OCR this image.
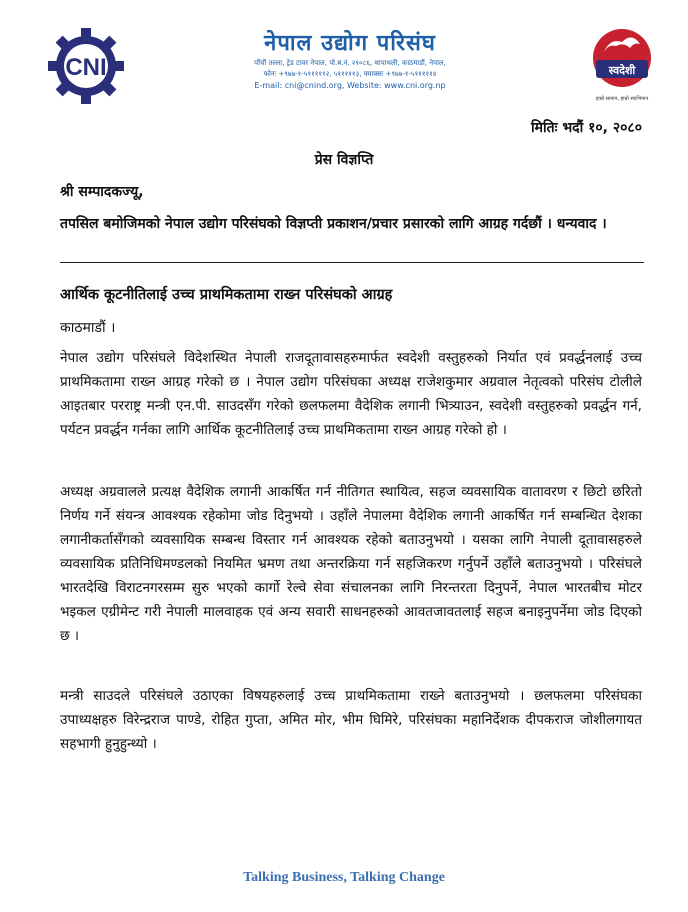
CNI
नेपाल उद्योग परिसंघ
पाँचौं तल्ला, ट्रेड टावर नेपाल, पो.ब.नं. २१०८६, थापाथली, काठमाडौं, नेपाल,
फोनः +९७७-१-५१११११२, ५१११११३, फ्याक्सः +९७७-१-५१११११४
E-mail: cni@cnind.org, Website: www.cni.org.np
स्वदेशी
हाम्रो सामान, हाम्रो स्वाभिमान
मितिः भदौं १०, २०८०
प्रेस विज्ञप्ति
श्री सम्पादकज्यू,
तपसिल बमोजिमको नेपाल उद्योग परिसंघको विज्ञप्ती प्रकाशन/प्रचार प्रसारको लागि आग्रह गर्दछौं । धन्यवाद ।
आर्थिक कूटनीतिलाई उच्च प्राथमिकतामा राख्न परिसंघको आग्रह
काठमाडौं ।
नेपाल उद्योग परिसंघले विदेशस्थित नेपाली राजदूतावासहरुमार्फत स्वदेशी वस्तुहरुको निर्यात एवं प्रवर्द्धनलाई उच्च प्राथमिकतामा राख्न आग्रह गरेको छ । नेपाल उद्योग परिसंघका अध्यक्ष राजेशकुमार अग्रवाल नेतृत्वको परिसंघ टोलीले आइतबार परराष्ट्र मन्त्री एन.पी. साउदसँग गरेको छलफलमा वैदेशिक लगानी भित्र्याउन, स्वदेशी वस्तुहरुको प्रवर्द्धन गर्न, पर्यटन प्रवर्द्धन गर्नका लागि आर्थिक कूटनीतिलाई उच्च प्राथमिकतामा राख्न आग्रह गरेको हो ।
अध्यक्ष अग्रवालले प्रत्यक्ष वैदेशिक लगानी आकर्षित गर्न नीतिगत स्थायित्व, सहज व्यवसायिक वातावरण र छिटो छरितो निर्णय गर्ने संयन्त्र आवश्यक रहेकोमा जोड दिनुभयो । उहाँले नेपालमा वैदेशिक लगानी आकर्षित गर्न सम्बन्धित देशका लगानीकर्तासँगको व्यवसायिक सम्बन्ध विस्तार गर्न आवश्यक रहेको बताउनुभयो । यसका लागि नेपाली दूतावासहरुले व्यवसायिक प्रतिनिधिमण्डलको नियमित भ्रमण तथा अन्तरक्रिया गर्न सहजिकरण गर्नुपर्ने उहाँले बताउनुभयो । परिसंघले भारतदेखि विराटनगरसम्म सुरु भएको कार्गो रेल्वे सेवा संचालनका लागि निरन्तरता दिनुपर्ने, नेपाल भारतबीच मोटर भइकल एग्रीमेन्ट गरी नेपाली मालवाहक एवं अन्य सवारी साधनहरुको आवतजावतलाई सहज बनाइनुपर्नेमा जोड दिएको छ ।
मन्त्री साउदले परिसंघले उठाएका विषयहरुलाई उच्च प्राथमिकतामा राख्ने बताउनुभयो । छलफलमा परिसंघका उपाध्यक्षहरु विरेन्द्रराज पाण्डे, रोहित गुप्ता, अमित मोर, भीम घिमिरे, परिसंघका महानिर्देशक दीपकराज जोशीलगायत सहभागी हुनुहुन्थ्यो ।
Talking Business, Talking Change
